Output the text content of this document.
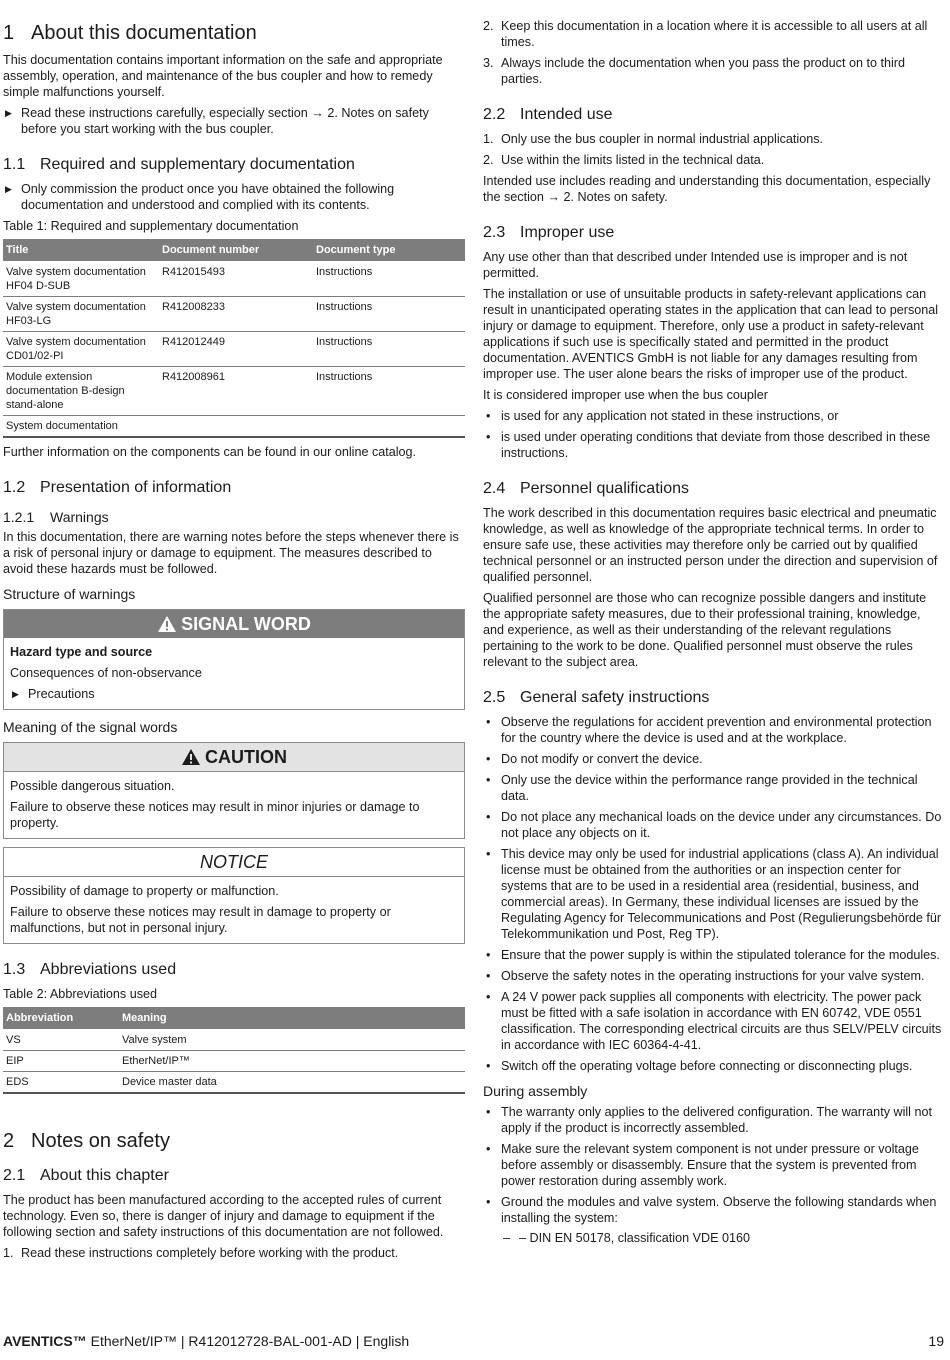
1 About this documentation

This documentation contains important information on the safe and appropriate assembly, operation, and maintenance of the bus coupler and how to remedy simple malfunctions yourself.

▶ Read these instructions carefully, especially section → 2. Notes on safety before you start working with the bus coupler.
1.1 Required and supplementary documentation
▶ Only commission the product once you have obtained the following documentation and understood and complied with its contents.
Table 1: Required and supplementary documentation
Title	Document number	Document type
Valve system documentation HF04 D-SUB	R412015493	Instructions
Valve system documentation HF03-LG	R412008233	Instructions
Valve system documentation CD01/02-PI	R412012449	Instructions
Module extension documentation B-design stand-alone	R412008961	Instructions
System documentation		

Further information on the components can be found in our online catalog.

1.2 Presentation of information
1.2.1 Warnings

In this documentation, there are warning notes before the steps whenever there is a risk of personal injury or damage to equipment. The measures described to avoid these hazards must be followed.

Structure of warnings
SIGNAL WORD

Hazard type and source

Consequences of non-observance

▶ Precautions
Meaning of the signal words
CAUTION

Possible dangerous situation.

Failure to observe these notices may result in minor injuries or damage to property.

NOTICE

Possibility of damage to property or malfunction.

Failure to observe these notices may result in damage to property or malfunctions, but not in personal injury.

1.3 Abbreviations used
Table 2: Abbreviations used
Abbreviation	Meaning
VS	Valve system
EIP	EtherNet/IP™
EDS	Device master data
2 Notes on safety
2.1 About this chapter

The product has been manufactured according to the accepted rules of current technology. Even so, there is danger of injury and damage to equipment if the following section and safety instructions of this documentation are not followed.

1. Read these instructions completely before working with the product.
2. Keep this documentation in a location where it is accessible to all users at all times.
3. Always include the documentation when you pass the product on to third parties.
2.2 Intended use
1. Only use the bus coupler in normal industrial applications.
2. Use within the limits listed in the technical data.

Intended use includes reading and understanding this documentation, especially the section → 2. Notes on safety.

2.3 Improper use

Any use other than that described under Intended use is improper and is not permitted.

The installation or use of unsuitable products in safety-relevant applications can result in unanticipated operating states in the application that can lead to personal injury or damage to equipment. Therefore, only use a product in safety-relevant applications if such use is specifically stated and permitted in the product documentation. AVENTICS GmbH is not liable for any damages resulting from improper use. The user alone bears the risks of improper use of the product.

It is considered improper use when the bus coupler

• is used for any application not stated in these instructions, or
• is used under operating conditions that deviate from those described in these instructions.
2.4 Personnel qualifications

The work described in this documentation requires basic electrical and pneumatic knowledge, as well as knowledge of the appropriate technical terms. In order to ensure safe use, these activities may therefore only be carried out by qualified technical personnel or an instructed person under the direction and supervision of qualified personnel.

Qualified personnel are those who can recognize possible dangers and institute the appropriate safety measures, due to their professional training, knowledge, and experience, as well as their understanding of the relevant regulations pertaining to the work to be done. Qualified personnel must observe the rules relevant to the subject area.

2.5 General safety instructions
• Observe the regulations for accident prevention and environmental protection for the country where the device is used and at the workplace.
• Do not modify or convert the device.
• Only use the device within the performance range provided in the technical data.
• Do not place any mechanical loads on the device under any circumstances. Do not place any objects on it.
• This device may only be used for industrial applications (class A). An individual license must be obtained from the authorities or an inspection center for systems that are to be used in a residential area (residential, business, and commercial areas). In Germany, these individual licenses are issued by the Regulating Agency for Telecommunications and Post (Regulierungsbehörde für Telekommunikation und Post, Reg TP).
• Ensure that the power supply is within the stipulated tolerance for the modules.
• Observe the safety notes in the operating instructions for your valve system.
• A 24 V power pack supplies all components with electricity. The power pack must be fitted with a safe isolation in accordance with EN 60742, VDE 0551 classification. The corresponding electrical circuits are thus SELV/PELV circuits in accordance with IEC 60364-4-41.
• Switch off the operating voltage before connecting or disconnecting plugs.
During assembly
• The warranty only applies to the delivered configuration. The warranty will not apply if the product is incorrectly assembled.
• Make sure the relevant system component is not under pressure or voltage before assembly or disassembly. Ensure that the system is prevented from power restoration during assembly work.
• Ground the modules and valve system. Observe the following standards when installing the system:
– – DIN EN 50178, classification VDE 0160
AVENTICS™ EtherNet/IP™ | R412012728-BAL-001-AD | English	19
